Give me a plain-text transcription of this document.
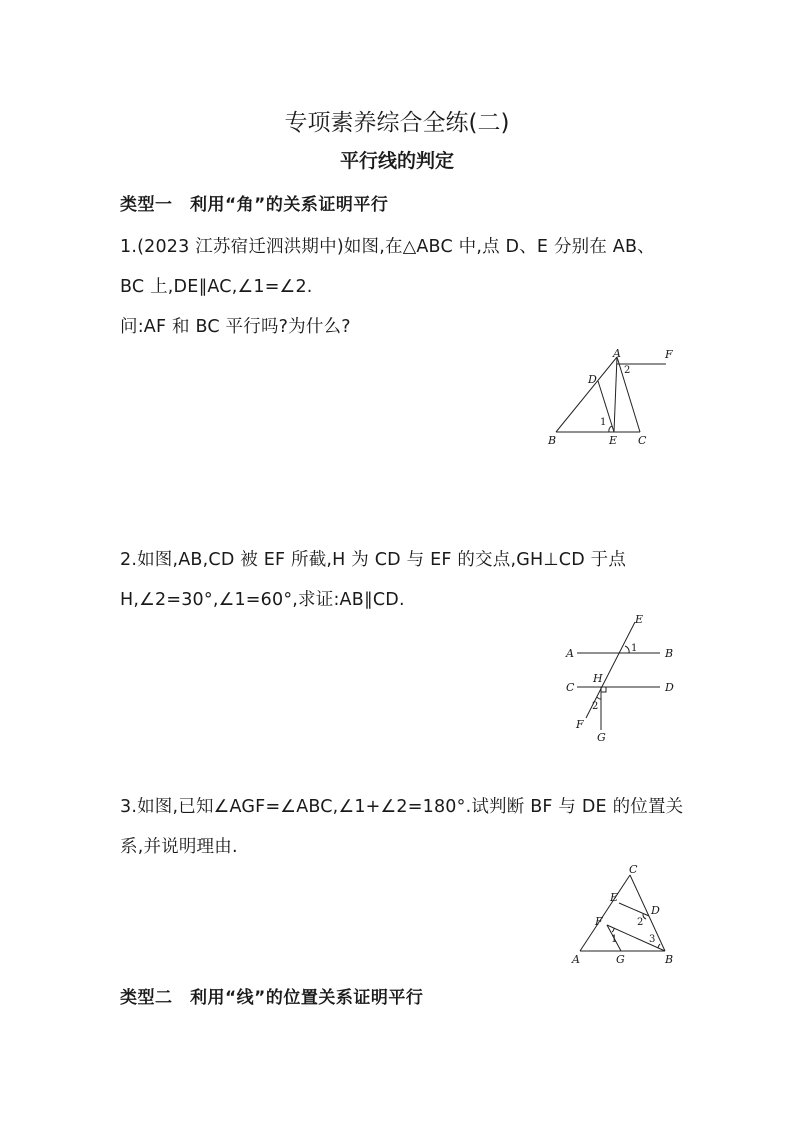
专项素养综合全练(二)
平行线的判定
类型一　利用“角”的关系证明平行
1.(2023 江苏宿迁泗洪期中)如图,在△ABC 中,点 D、E 分别在 AB、
BC 上,DE∥AC,∠1=∠2.
问:AF 和 BC 平行吗?为什么?
A	F
2
D
1
B	E C
2.如图,AB,CD 被 EF 所截,H 为 CD 与 EF 的交点,GH⊥CD 于点
H,∠2=30°,∠1=60°,求证:AB∥CD.
E
1
A	B
H
C	D
2
F
G
3.如图,已知∠AGF=∠ABC,∠1+∠2=180°.试判断 BF 与 DE 的位置关
系,并说明理由.
C
E
D
F	2
1	3
A	G	B
类型二　利用“线”的位置关系证明平行
